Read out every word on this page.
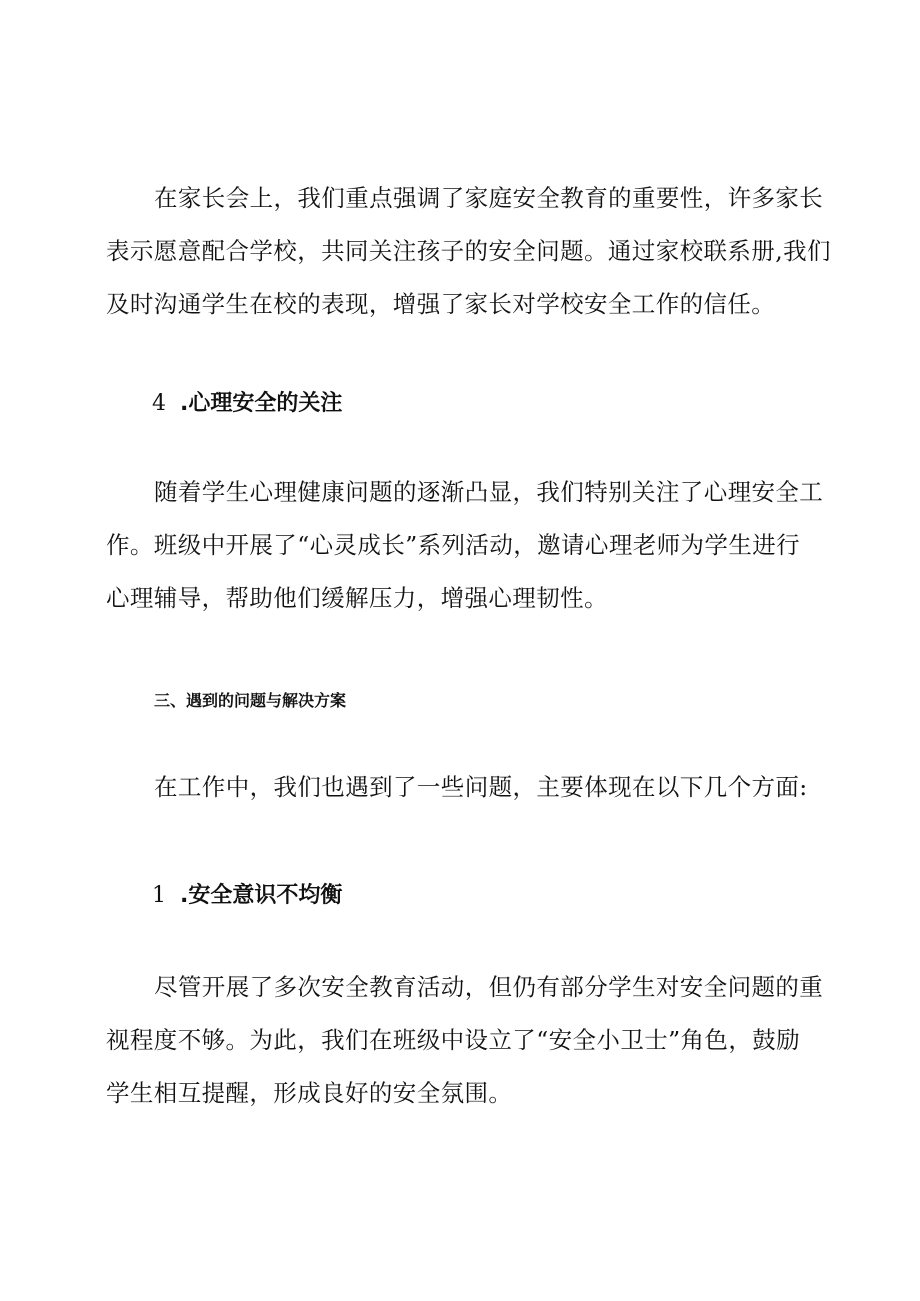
在家长会上，我们重点强调了家庭安全教育的重要性，许多家长
表示愿意配合学校，共同关注孩子的安全问题。通过家校联系册,我们
及时沟通学生在校的表现，增强了家长对学校安全工作的信任。

4 .心理安全的关注

随着学生心理健康问题的逐渐凸显，我们特别关注了心理安全工
作。班级中开展了“心灵成长”系列活动，邀请心理老师为学生进行
心理辅导，帮助他们缓解压力，增强心理韧性。

三、遇到的问题与解决方案

在工作中，我们也遇到了一些问题，主要体现在以下几个方面:

1 .安全意识不均衡

尽管开展了多次安全教育活动，但仍有部分学生对安全问题的重
视程度不够。为此，我们在班级中设立了“安全小卫士”角色，鼓励
学生相互提醒，形成良好的安全氛围。
